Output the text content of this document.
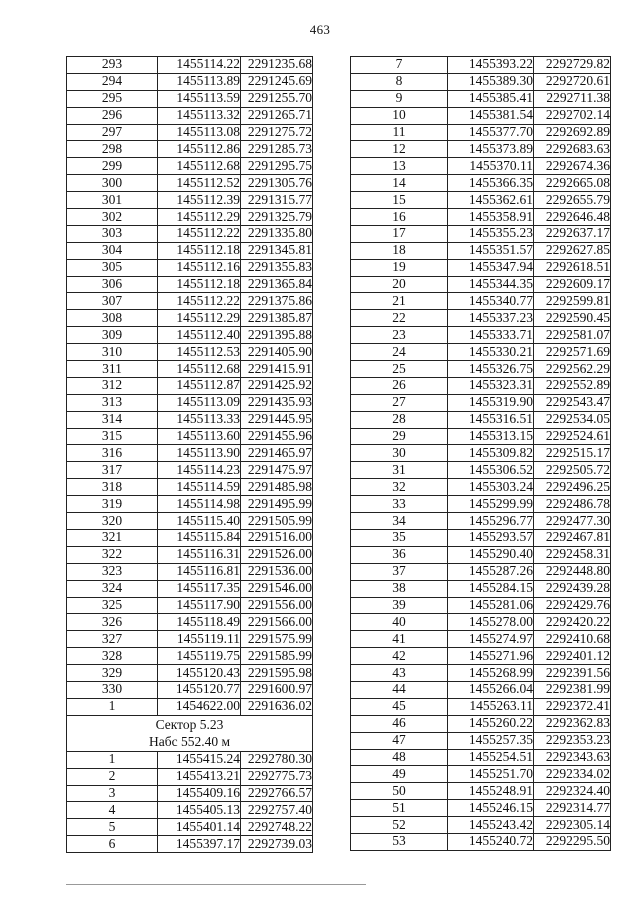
463
293	1455114.22	2291235.68
294	1455113.89	2291245.69
295	1455113.59	2291255.70
296	1455113.32	2291265.71
297	1455113.08	2291275.72
298	1455112.86	2291285.73
299	1455112.68	2291295.75
300	1455112.52	2291305.76
301	1455112.39	2291315.77
302	1455112.29	2291325.79
303	1455112.22	2291335.80
304	1455112.18	2291345.81
305	1455112.16	2291355.83
306	1455112.18	2291365.84
307	1455112.22	2291375.86
308	1455112.29	2291385.87
309	1455112.40	2291395.88
310	1455112.53	2291405.90
311	1455112.68	2291415.91
312	1455112.87	2291425.92
313	1455113.09	2291435.93
314	1455113.33	2291445.95
315	1455113.60	2291455.96
316	1455113.90	2291465.97
317	1455114.23	2291475.97
318	1455114.59	2291485.98
319	1455114.98	2291495.99
320	1455115.40	2291505.99
321	1455115.84	2291516.00
322	1455116.31	2291526.00
323	1455116.81	2291536.00
324	1455117.35	2291546.00
325	1455117.90	2291556.00
326	1455118.49	2291566.00
327	1455119.11	2291575.99
328	1455119.75	2291585.99
329	1455120.43	2291595.98
330	1455120.77	2291600.97
1	1454622.00	2291636.02

Сектор 5.23
Набс 552.40 м		

1	1455415.24	2292780.30
2	1455413.21	2292775.73
3	1455409.16	2292766.57
4	1455405.13	2292757.40
5	1455401.14	2292748.22
6	1455397.17	2292739.03
7	1455393.22	2292729.82
8	1455389.30	2292720.61
9	1455385.41	2292711.38
10	1455381.54	2292702.14
11	1455377.70	2292692.89
12	1455373.89	2292683.63
13	1455370.11	2292674.36
14	1455366.35	2292665.08
15	1455362.61	2292655.79
16	1455358.91	2292646.48
17	1455355.23	2292637.17
18	1455351.57	2292627.85
19	1455347.94	2292618.51
20	1455344.35	2292609.17
21	1455340.77	2292599.81
22	1455337.23	2292590.45
23	1455333.71	2292581.07
24	1455330.21	2292571.69
25	1455326.75	2292562.29
26	1455323.31	2292552.89
27	1455319.90	2292543.47
28	1455316.51	2292534.05
29	1455313.15	2292524.61
30	1455309.82	2292515.17
31	1455306.52	2292505.72
32	1455303.24	2292496.25
33	1455299.99	2292486.78
34	1455296.77	2292477.30
35	1455293.57	2292467.81
36	1455290.40	2292458.31
37	1455287.26	2292448.80
38	1455284.15	2292439.28
39	1455281.06	2292429.76
40	1455278.00	2292420.22
41	1455274.97	2292410.68
42	1455271.96	2292401.12
43	1455268.99	2292391.56
44	1455266.04	2292381.99
45	1455263.11	2292372.41
46	1455260.22	2292362.83
47	1455257.35	2292353.23
48	1455254.51	2292343.63
49	1455251.70	2292334.02
50	1455248.91	2292324.40
51	1455246.15	2292314.77
52	1455243.42	2292305.14
53	1455240.72	2292295.50
